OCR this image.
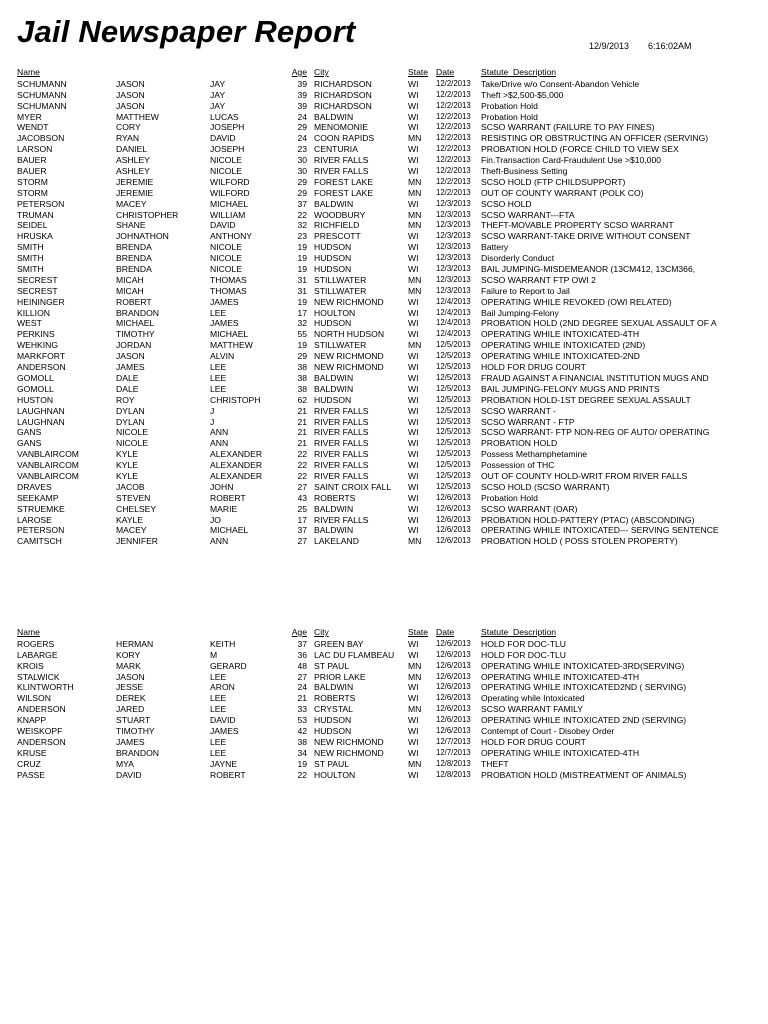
Jail Newspaper Report	12/9/2013 6:16:02AM
Name	Age City	State Date	Statute_Description
SCHUMANN	JASON	JAY	39 RICHARDSON	WI	12/2/2013	Take/Drive w/o Consent-Abandon Vehicle
SCHUMANN	JASON	JAY	39 RICHARDSON	WI	12/2/2013	Theft >$2,500-$5,000
SCHUMANN	JASON	JAY	39 RICHARDSON	WI	12/2/2013	Probation Hold
MYER	MATTHEW	LUCAS	24 BALDWIN	WI	12/2/2013	Probation Hold
WENDT	CORY	JOSEPH	29 MENOMONIE	WI	12/2/2013	SCSO WARRANT (FAILURE TO PAY FINES)
JACOBSON	RYAN	DAVID	24 COON RAPIDS	MN	12/2/2013	RESISTING OR OBSTRUCTING AN OFFICER (SERVING)
LARSON	DANIEL	JOSEPH	23 CENTURIA	WI	12/2/2013	PROBATION HOLD (FORCE CHILD TO VIEW SEX
BAUER	ASHLEY	NICOLE	30 RIVER FALLS	WI	12/2/2013	Fin.Transaction Card-Fraudulent Use >$10,000
BAUER	ASHLEY	NICOLE	30 RIVER FALLS	WI	12/2/2013	Theft-Business Setting
STORM	JEREMIE	WILFORD	29 FOREST LAKE	MN	12/2/2013	SCSO HOLD (FTP CHILDSUPPORT)
STORM	JEREMIE	WILFORD	29 FOREST LAKE	MN	12/2/2013	OUT OF COUNTY WARRANT (POLK CO)
PETERSON	MACEY	MICHAEL	37 BALDWIN	WI	12/3/2013	SCSO HOLD
TRUMAN	CHRISTOPHER	WILLIAM	22 WOODBURY	MN	12/3/2013	SCSO WARRANT---FTA
SEIDEL	SHANE	DAVID	32 RICHFIELD	MN	12/3/2013	THEFT-MOVABLE PROPERTY SCSO WARRANT
HRUSKA	JOHNATHON	ANTHONY	23 PRESCOTT	WI	12/3/2013	SCSO WARRANT-TAKE DRIVE WITHOUT CONSENT
SMITH	BRENDA	NICOLE	19 HUDSON	WI	12/3/2013	Battery
SMITH	BRENDA	NICOLE	19 HUDSON	WI	12/3/2013	Disorderly Conduct
SMITH	BRENDA	NICOLE	19 HUDSON	WI	12/3/2013	BAIL JUMPING-MISDEMEANOR (13CM412, 13CM366,
SECREST	MICAH	THOMAS	31 STILLWATER	MN	12/3/2013	SCSO WARRANT FTP OWI 2
SECREST	MICAH	THOMAS	31 STILLWATER	MN	12/3/2013	Failure to Report to Jail
HEININGER	ROBERT	JAMES	19 NEW RICHMOND	WI	12/4/2013	OPERATING WHILE REVOKED (OWI RELATED)
KILLION	BRANDON	LEE	17 HOULTON	WI	12/4/2013	Bail Jumping-Felony
WEST	MICHAEL	JAMES	32 HUDSON	WI	12/4/2013	PROBATION HOLD (2ND DEGREE SEXUAL ASSAULT OF A
PERKINS	TIMOTHY	MICHAEL	55 NORTH HUDSON	WI	12/4/2013	OPERATING WHILE INTOXICATED-4TH
WEHKING	JORDAN	MATTHEW	19 STILLWATER	MN	12/5/2013	OPERATING WHILE INTOXICATED (2ND)
MARKFORT	JASON	ALVIN	29 NEW RICHMOND	WI	12/5/2013	OPERATING WHILE INTOXICATED-2ND
ANDERSON	JAMES	LEE	38 NEW RICHMOND	WI	12/5/2013	HOLD FOR DRUG COURT
GOMOLL	DALE	LEE	38 BALDWIN	WI	12/5/2013	FRAUD AGAINST A FINANCIAL INSTITUTION MUGS AND
GOMOLL	DALE	LEE	38 BALDWIN	WI	12/5/2013	BAIL JUMPING-FELONY MUGS AND PRINTS
HUSTON	ROY	CHRISTOPH	62 HUDSON	WI	12/5/2013	PROBATION HOLD-1ST DEGREE SEXUAL ASSAULT
LAUGHNAN	DYLAN	J	21 RIVER FALLS	WI	12/5/2013	SCSO WARRANT -
LAUGHNAN	DYLAN	J	21 RIVER FALLS	WI	12/5/2013	SCSO WARRANT - FTP
GANS	NICOLE	ANN	21 RIVER FALLS	WI	12/5/2013	SCSO WARRANT- FTP NON-REG OF AUTO/ OPERATING
GANS	NICOLE	ANN	21 RIVER FALLS	WI	12/5/2013	PROBATION HOLD
VANBLAIRCOM	KYLE	ALEXANDER	22 RIVER FALLS	WI	12/5/2013	Possess Methamphetamine
VANBLAIRCOM	KYLE	ALEXANDER	22 RIVER FALLS	WI	12/5/2013	Possession of THC
VANBLAIRCOM	KYLE	ALEXANDER	22 RIVER FALLS	WI	12/5/2013	OUT OF COUNTY HOLD-WRIT FROM RIVER FALLS
DRAVES	JACOB	JOHN	27 SAINT CROIX FALL	WI	12/5/2013	SCSO HOLD (SCSO WARRANT)
SEEKAMP	STEVEN	ROBERT	43 ROBERTS	WI	12/6/2013	Probation Hold
STRUEMKE	CHELSEY	MARIE	25 BALDWIN	WI	12/6/2013	SCSO WARRANT (OAR)
LAROSE	KAYLE	JO	17 RIVER FALLS	WI	12/6/2013	PROBATION HOLD-PATTERY (PTAC) (ABSCONDING)
PETERSON	MACEY	MICHAEL	37 BALDWIN	WI	12/6/2013	OPERATING WHILE INTOXICATED--- SERVING SENTENCE
CAMITSCH	JENNIFER	ANN	27 LAKELAND	MN	12/6/2013	PROBATION HOLD ( POSS STOLEN PROPERTY)
Name	Age City	State Date	Statute_Description
ROGERS	HERMAN	KEITH	37 GREEN BAY	WI	12/6/2013	HOLD FOR DOC-TLU
LABARGE	KORY	M	36 LAC DU FLAMBEAU	WI	12/6/2013	HOLD FOR DOC-TLU
KROIS	MARK	GERARD	48 ST PAUL	MN	12/6/2013	OPERATING WHILE INTOXICATED-3RD(SERVING)
STALWICK	JASON	LEE	27 PRIOR LAKE	MN	12/6/2013	OPERATING WHILE INTOXICATED-4TH
KLINTWORTH	JESSE	ARON	24 BALDWIN	WI	12/6/2013	OPERATING WHILE INTOXICATED2ND ( SERVING)
WILSON	DEREK	LEE	21 ROBERTS	WI	12/6/2013	Operating while Intoxicated
ANDERSON	JARED	LEE	33 CRYSTAL	MN	12/6/2013	SCSO WARRANT FAMILY
KNAPP	STUART	DAVID	53 HUDSON	WI	12/6/2013	OPERATING WHILE INTOXICATED 2ND (SERVING)
WEISKOPF	TIMOTHY	JAMES	42 HUDSON	WI	12/6/2013	Contempt of Court - Disobey Order
ANDERSON	JAMES	LEE	38 NEW RICHMOND	WI	12/7/2013	HOLD FOR DRUG COURT
KRUSE	BRANDON	LEE	34 NEW RICHMOND	WI	12/7/2013	OPERATING WHILE INTOXICATED-4TH
CRUZ	MYA	JAYNE	19 ST PAUL	MN	12/8/2013	THEFT
PASSE	DAVID	ROBERT	22 HOULTON	WI	12/8/2013	PROBATION HOLD (MISTREATMENT OF ANIMALS)
